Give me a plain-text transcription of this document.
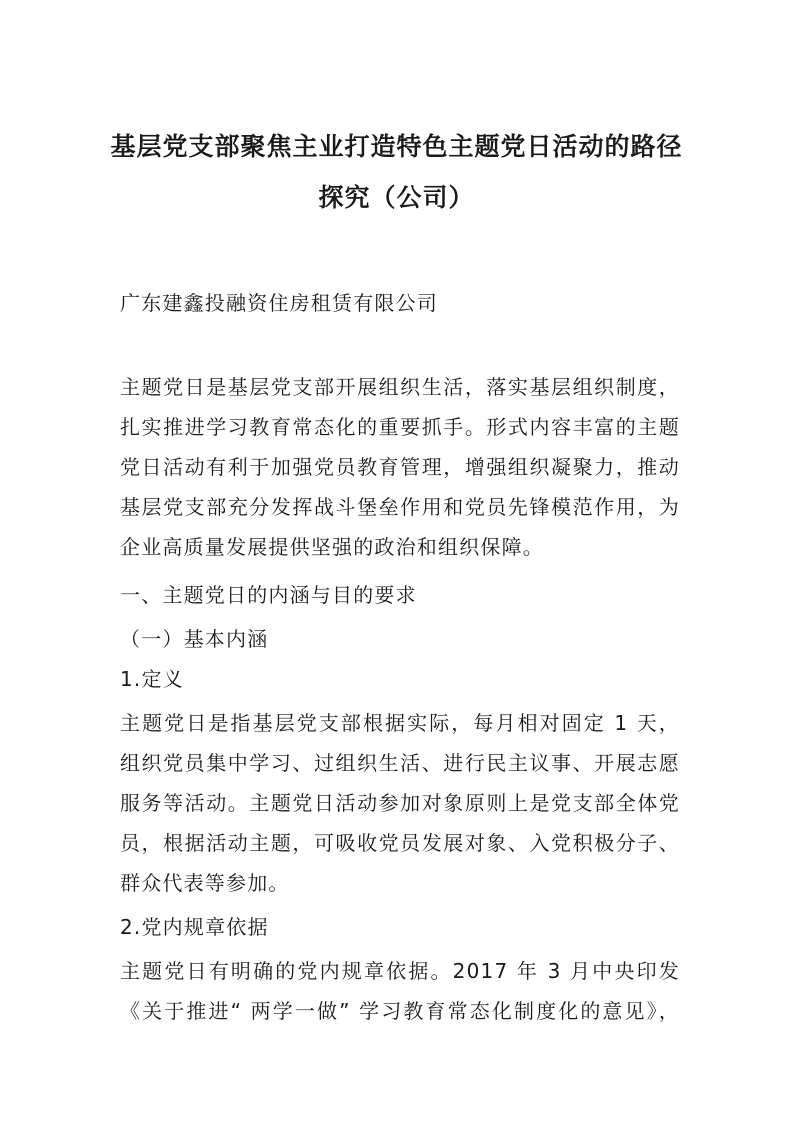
基层党支部聚焦主业打造特色主题党日活动的路径
探究（公司）

广东建鑫投融资住房租赁有限公司

主题党日是基层党支部开展组织生活，落实基层组织制度，

扎实推进学习教育常态化的重要抓手。形式内容丰富的主题

党日活动有利于加强党员教育管理，增强组织凝聚力，推动

基层党支部充分发挥战斗堡垒作用和党员先锋模范作用，为

企业高质量发展提供坚强的政治和组织保障。

一、主题党日的内涵与目的要求

（一）基本内涵

1.定义

主题党日是指基层党支部根据实际，每月相对固定 1 天，

组织党员集中学习、过组织生活、进行民主议事、开展志愿

服务等活动。主题党日活动参加对象原则上是党支部全体党

员，根据活动主题，可吸收党员发展对象、入党积极分子、

群众代表等参加。

2.党内规章依据

主题党日有明确的党内规章依据。2017 年 3 月中央印发

《关于推进“ 两学一做” 学习教育常态化制度化的意见》，
